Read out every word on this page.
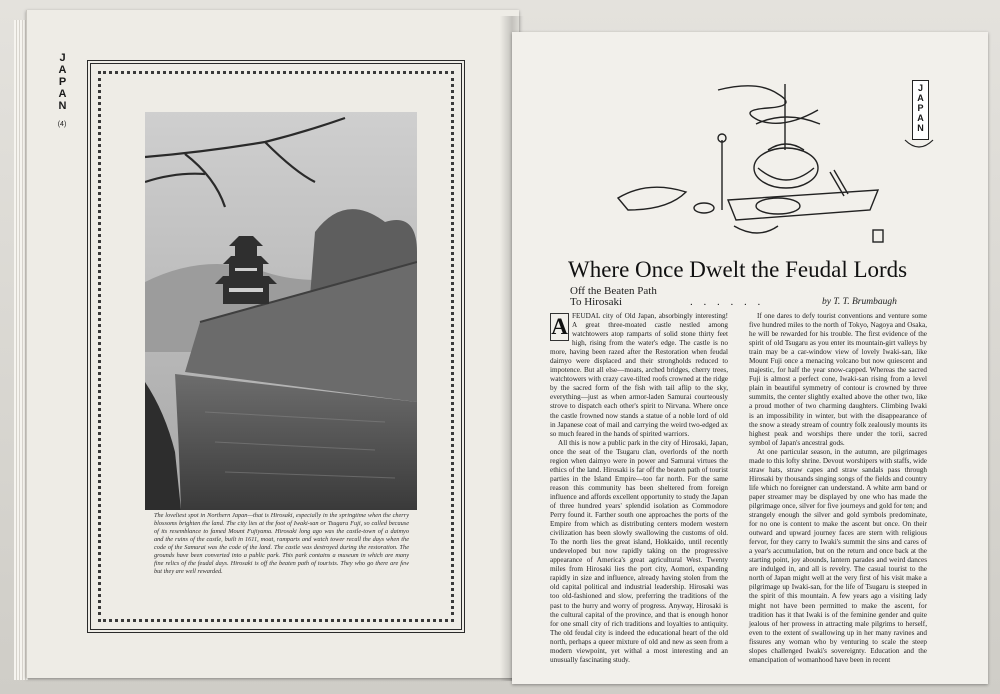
JAPAN
(4)
The loveliest spot in Northern Japan—that is Hirosaki, especially in the springtime when the cherry blossoms brighten the land. The city lies at the foot of Iwaki-san or Tsugaru Fuji, so called because of its resemblance to famed Mount Fujiyama. Hirosaki long ago was the castle-town of a daimyo and the ruins of the castle, built in 1611, moat, ramparts and watch tower recall the days when the code of the Samurai was the code of the land. The castle was destroyed during the restoration. The grounds have been converted into a public park. This park contains a museum in which are many fine relics of the feudal days. Hirosaki is off the beaten path of tourists. They who go there are few but they are well rewarded.
JAPAN
Where Once Dwelt the Feudal Lords
Off the Beaten Path
To Hirosaki	. . . . . .	by T. T. Brumbaugh

A FEUDAL city of Old Japan, absorbingly interesting! A great three-moated castle nestled among watchtowers atop ramparts of solid stone thirty feet high, rising from the water's edge. The castle is no more, having been razed after the Restoration when feudal daimyo were displaced and their strongholds reduced to impotence. But all else—moats, arched bridges, cherry trees, watchtowers with crazy cave-tilted roofs crowned at the ridge by the sacred form of the fish with tail aflip to the sky, everything—just as when armor-laden Samurai courteously strove to dispatch each other's spirit to Nirvana. Where once the castle frowned now stands a statue of a noble lord of old in Japanese coat of mail and carrying the weird two-edged ax so much feared in the hands of spirited warriors.

All this is now a public park in the city of Hirosaki, Japan, once the seat of the Tsugaru clan, overlords of the north region when daimyo were in power and Samurai virtues the ethics of the land. Hirosaki is far off the beaten path of tourist parties in the Island Empire—too far north. For the same reason this community has been sheltered from foreign influence and affords excellent opportunity to study the Japan of three hundred years' splendid isolation as Commodore Perry found it. Farther south one approaches the ports of the Empire from which as distributing centers modern western civilization has been slowly swallowing the customs of old. To the north lies the great island, Hokkaido, until recently undeveloped but now rapidly taking on the progressive appearance of America's great agricultural West. Twenty miles from Hirosaki lies the port city, Aomori, expanding rapidly in size and influence, already having stolen from the old capital political and industrial leadership. Hirosaki was too old-fashioned and slow, preferring the traditions of the past to the hurry and worry of progress. Anyway, Hirosaki is the cultural capital of the province, and that is enough honor for one small city of rich traditions and loyalties to antiquity. The old feudal city is indeed the educational heart of the old north, perhaps a queer mixture of old and new as seen from a modern viewpoint, yet withal a most interesting and an unusually fascinating study.

If one dares to defy tourist conventions and venture some five hundred miles to the north of Tokyo, Nagoya and Osaka, he will be rewarded for his trouble. The first evidence of the spirit of old Tsugaru as you enter its mountain-girt valleys by train may be a car-window view of lovely Iwaki-san, like Mount Fuji once a menacing volcano but now quiescent and majestic, for half the year snow-capped. Whereas the sacred Fuji is almost a perfect cone, Iwaki-san rising from a level plain in beautiful symmetry of contour is crowned by three summits, the center slightly exalted above the other two, like a proud mother of two charming daughters. Climbing Iwaki is an impossibility in winter, but with the disappearance of the snow a steady stream of country folk zealously mounts its highest peak and worships there under the torii, sacred symbol of Japan's ancestral gods.

At one particular season, in the autumn, are pilgrimages made to this lofty shrine. Devout worshipers with staffs, wide straw hats, straw capes and straw sandals pass through Hirosaki by thousands singing songs of the fields and country life which no foreigner can understand. A white arm band or paper streamer may be displayed by one who has made the pilgrimage once, silver for five journeys and gold for ten; and strangely enough the silver and gold symbols predominate, for no one is content to make the ascent but once. On their outward and upward journey faces are stern with religious fervor, for they carry to Iwaki's summit the sins and cares of a year's accumulation, but on the return and once back at the starting point, joy abounds, lantern parades and weird dances are indulged in, and all is revelry. The casual tourist to the north of Japan might well at the very first of his visit make a pilgrimage up Iwaki-san, for the life of Tsugaru is steeped in the spirit of this mountain. A few years ago a visiting lady might not have been permitted to make the ascent, for tradition has it that Iwaki is of the feminine gender and quite jealous of her prowess in attracting male pilgrims to herself, even to the extent of swallowing up in her many ravines and fissures any woman who by venturing to scale the steep slopes challenged Iwaki's sovereignty. Education and the emancipation of womanhood have been in recent
